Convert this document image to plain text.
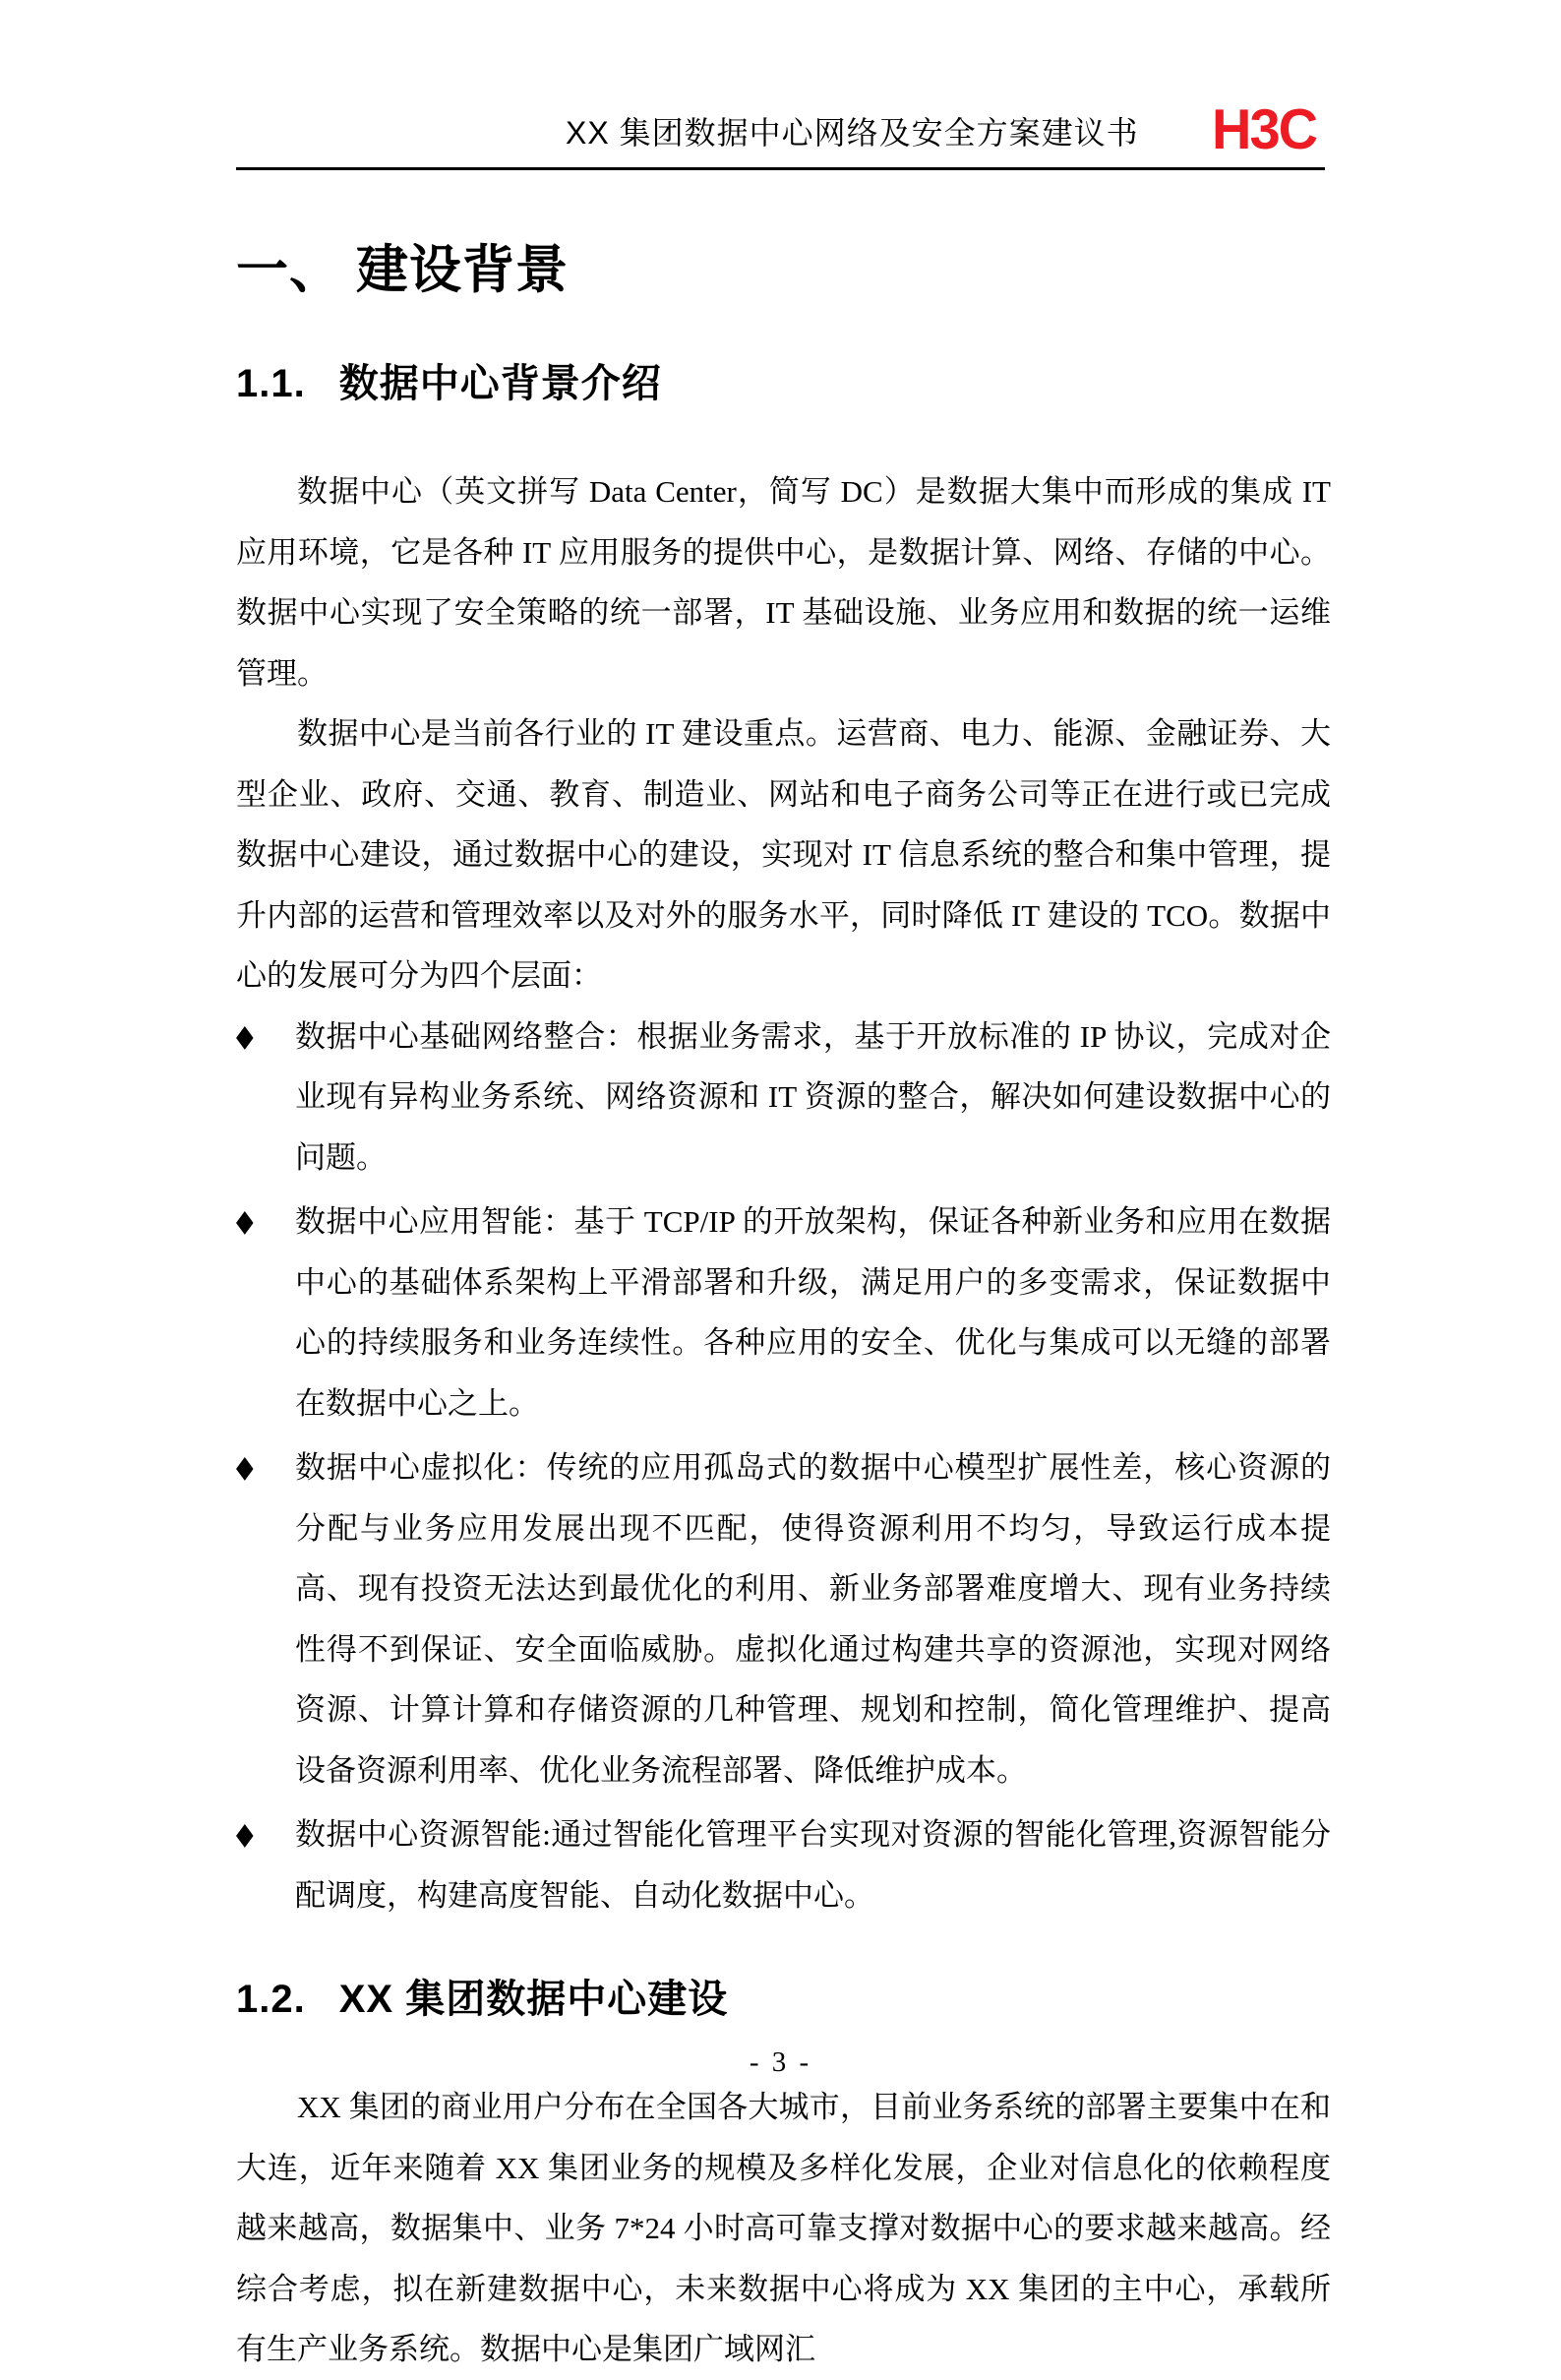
XX 集团数据中心网络及安全方案建议书 H3C
一、 建设背景
1.1. 数据中心背景介绍

数据中心（英文拼写 Data Center，简写 DC）是数据大集中而形成的集成 IT 应用环境，它是各种 IT 应用服务的提供中心，是数据计算、网络、存储的中心。数据中心实现了安全策略的统一部署，IT 基础设施、业务应用和数据的统一运维管理。

数据中心是当前各行业的 IT 建设重点。运营商、电力、能源、金融证券、大型企业、政府、交通、教育、制造业、网站和电子商务公司等正在进行或已完成数据中心建设，通过数据中心的建设，实现对 IT 信息系统的整合和集中管理，提升内部的运营和管理效率以及对外的服务水平，同时降低 IT 建设的 TCO。数据中心的发展可分为四个层面：

◆ 数据中心基础网络整合：根据业务需求，基于开放标准的 IP 协议，完成对企业现有异构业务系统、网络资源和 IT 资源的整合，解决如何建设数据中心的问题。
◆ 数据中心应用智能：基于 TCP/IP 的开放架构，保证各种新业务和应用在数据中心的基础体系架构上平滑部署和升级，满足用户的多变需求，保证数据中心的持续服务和业务连续性。各种应用的安全、优化与集成可以无缝的部署在数据中心之上。
◆ 数据中心虚拟化：传统的应用孤岛式的数据中心模型扩展性差，核心资源的分配与业务应用发展出现不匹配，使得资源利用不均匀，导致运行成本提高、现有投资无法达到最优化的利用、新业务部署难度增大、现有业务持续性得不到保证、安全面临威胁。虚拟化通过构建共享的资源池，实现对网络资源、计算计算和存储资源的几种管理、规划和控制，简化管理维护、提高设备资源利用率、优化业务流程部署、降低维护成本。
◆ 数据中心资源智能:通过智能化管理平台实现对资源的智能化管理,资源智能分配调度，构建高度智能、自动化数据中心。
1.2. XX 集团数据中心建设

XX 集团的商业用户分布在全国各大城市，目前业务系统的部署主要集中在和大连，近年来随着 XX 集团业务的规模及多样化发展，企业对信息化的依赖程度越来越高，数据集中、业务 7*24 小时高可靠支撑对数据中心的要求越来越高。经综合考虑，拟在新建数据中心，未来数据中心将成为 XX 集团的主中心，承载所有生产业务系统。数据中心是集团广域网汇

- 3 -
